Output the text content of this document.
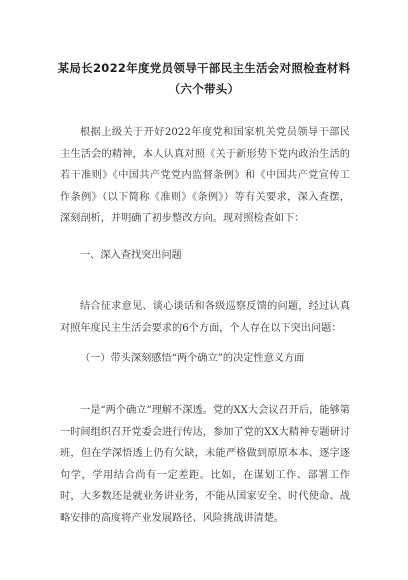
某局长2022年度党员领导干部民主生活会对照检查材料
（六个带头）

根据上级关于开好2022年度党和国家机关党员领导干部民主生活会的精神，本人认真对照《关于新形势下党内政治生活的若干准则》《中国共产党党内监督条例》和《中国共产党宣传工作条例》（以下简称《准则》《条例》）等有关要求，深入查摆，深刻剖析，并明确了初步整改方向。现对照检查如下：

一、深入查找突出问题

结合征求意见、谈心谈话和各级巡察反馈的问题，经过认真对照年度民主生活会要求的6个方面，个人存在以下突出问题：

（一）带头深刻感悟“两个确立”的决定性意义方面

一是“两个确立”理解不深透。党的XX大会议召开后，能够第一时间组织召开党委会进行传达，参加了党的XX大精神专题研讨班，但在学深悟透上仍有欠缺，未能严格做到原原本本、逐字逐句学，学用结合尚有一定差距。比如，在谋划工作、部署工作时，大多数还是就业务讲业务，不能从国家安全、时代使命、战略安排的高度将产业发展路径、风险挑战讲清楚。
